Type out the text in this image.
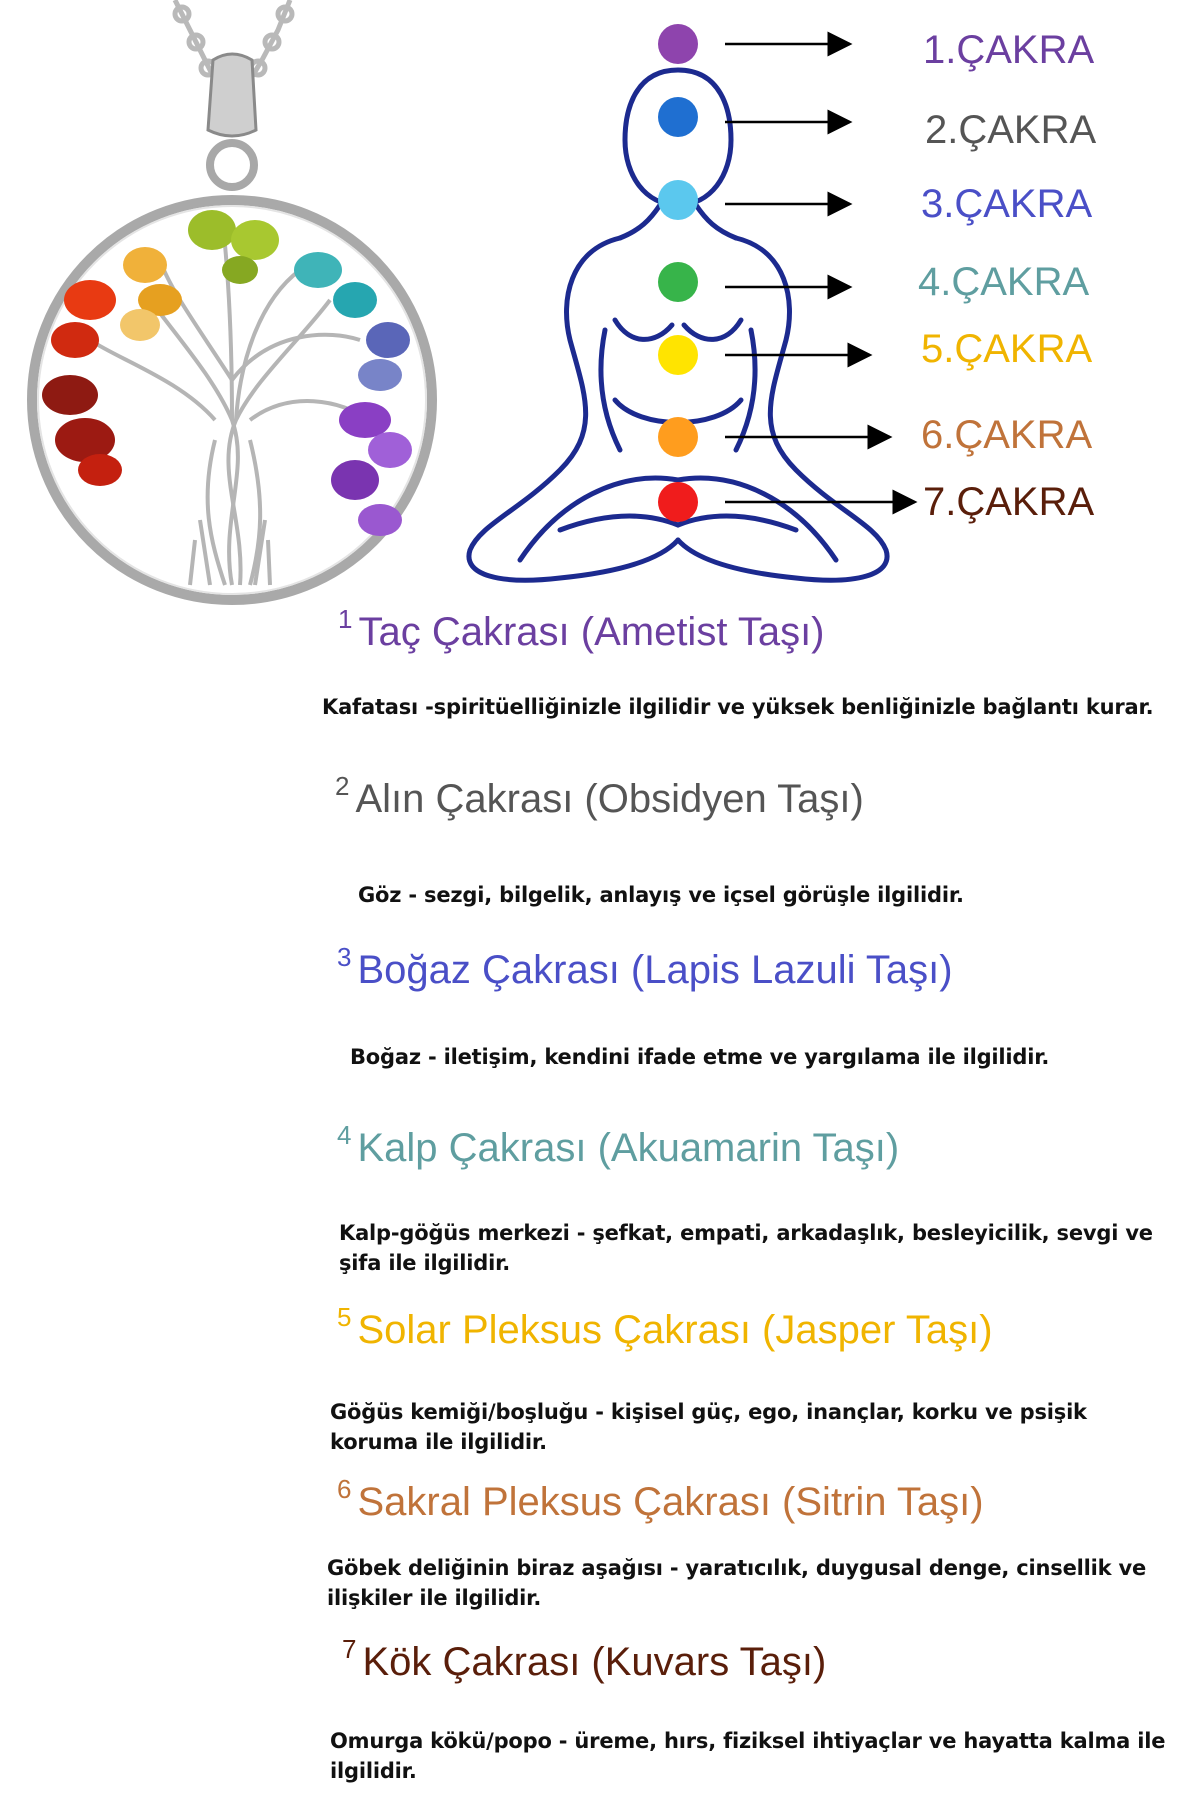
1.ÇAKRA
2.ÇAKRA
3.ÇAKRA
4.ÇAKRA
5.ÇAKRA
6.ÇAKRA
7.ÇAKRA
$^1$ Taç Çakrası (Ametist Taşı)
Kafatası -spiritüelliğinizle ilgilidir ve yüksek benliğinizle bağlantı kurar.
$^2$ Alın Çakrası (Obsidyen Taşı)
Göz - sezgi, bilgelik, anlayış ve içsel görüşle ilgilidir.
$^3$ Boğaz Çakrası (Lapis Lazuli Taşı)
Boğaz - iletişim, kendini ifade etme ve yargılama ile ilgilidir.
$^4$ Kalp Çakrası (Akuamarin Taşı)
Kalp-göğüs merkezi - şefkat, empati, arkadaşlık, besleyicilik, sevgi ve şifa ile ilgilidir.
$^5$ Solar Pleksus Çakrası (Jasper Taşı)
Göğüs kemiği/boşluğu - kişisel güç, ego, inançlar, korku ve psişik koruma ile ilgilidir.
$^6$ Sakral Pleksus Çakrası (Sitrin Taşı)
Göbek deliğinin biraz aşağısı - yaratıcılık, duygusal denge, cinsellik ve ilişkiler ile ilgilidir.
$^7$ Kök Çakrası (Kuvars Taşı)
Omurga kökü/popo - üreme, hırs, fiziksel ihtiyaçlar ve hayatta kalma ile ilgilidir.
